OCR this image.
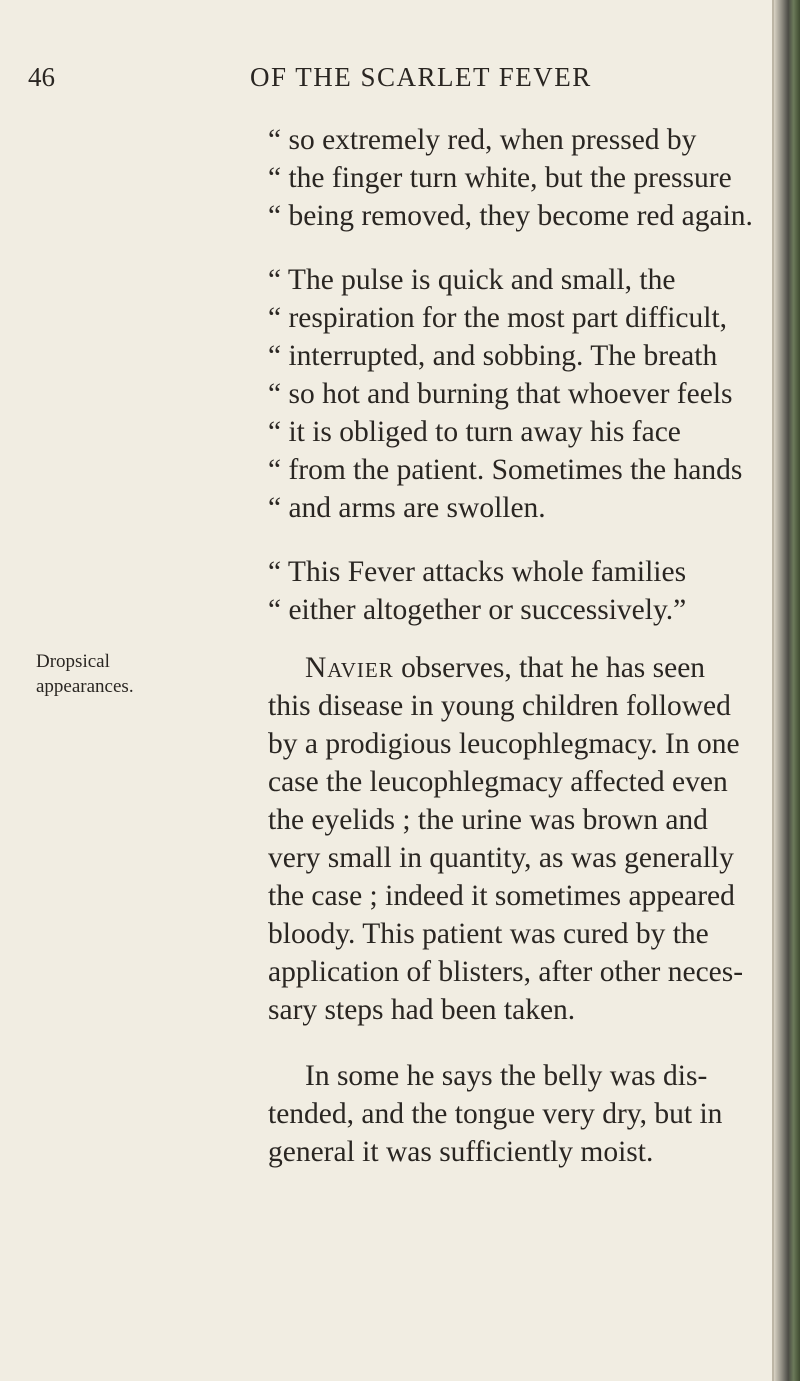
46	OF THE SCARLET FEVER
Dropsical
appearances.
“ so extremely red, when pressed by
“ the finger turn white, but the pressure
“ being removed, they become red again.
“ The pulse is quick and small, the
“ respiration for the most part difficult,
“ interrupted, and sobbing. The breath
“ so hot and burning that whoever feels
“ it is obliged to turn away his face
“ from the patient. Sometimes the hands
“ and arms are swollen.
“ This Fever attacks whole families
“ either altogether or successively.”
Navier observes, that he has seen
this disease in young children followed
by a prodigious leucophlegmacy. In one
case the leucophlegmacy affected even
the eyelids ; the urine was brown and
very small in quantity, as was generally
the case ; indeed it sometimes appeared
bloody. This patient was cured by the
application of blisters, after other neces-
sary steps had been taken.
In some he says the belly was dis-
tended, and the tongue very dry, but in
general it was sufficiently moist.
